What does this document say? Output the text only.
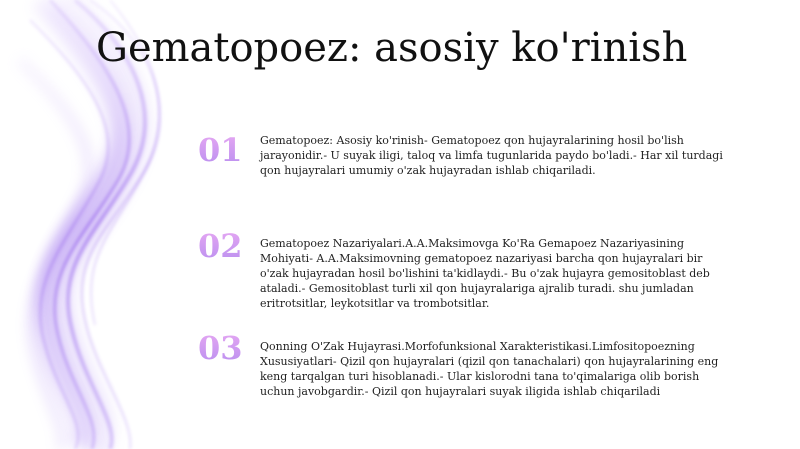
Gematopoez: asosiy ko'rinish
01	Gematopoez: Asosiy ko'rinish- Gematopoez qon hujayralarining hosil bo'lish jarayonidir.- U suyak iligi, taloq va limfa tugunlarida paydo bo'ladi.- Har xil turdagi qon hujayralari umumiy o'zak hujayradan ishlab chiqariladi.
02	Gematopoez Nazariyalari.A.A.Maksimovga Ko'Ra Gemapoez Nazariyasining Mohiyati- A.A.Maksimovning gematopoez nazariyasi barcha qon hujayralari bir o'zak hujayradan hosil bo'lishini ta'kidlaydi.- Bu o'zak hujayra gemositoblast deb ataladi.- Gemositoblast turli xil qon hujayralariga ajralib turadi. shu jumladan eritrotsitlar, leykotsitlar va trombotsitlar.
03	Qonning O'Zak Hujayrasi.Morfofunksional Xarakteristikasi.Limfositopoezning Xususiyatlari- Qizil qon hujayralari (qizil qon tanachalari) qon hujayralarining eng keng tarqalgan turi hisoblanadi.- Ular kislorodni tana to'qimalariga olib borish uchun javobgardir.- Qizil qon hujayralari suyak iligida ishlab chiqariladi
